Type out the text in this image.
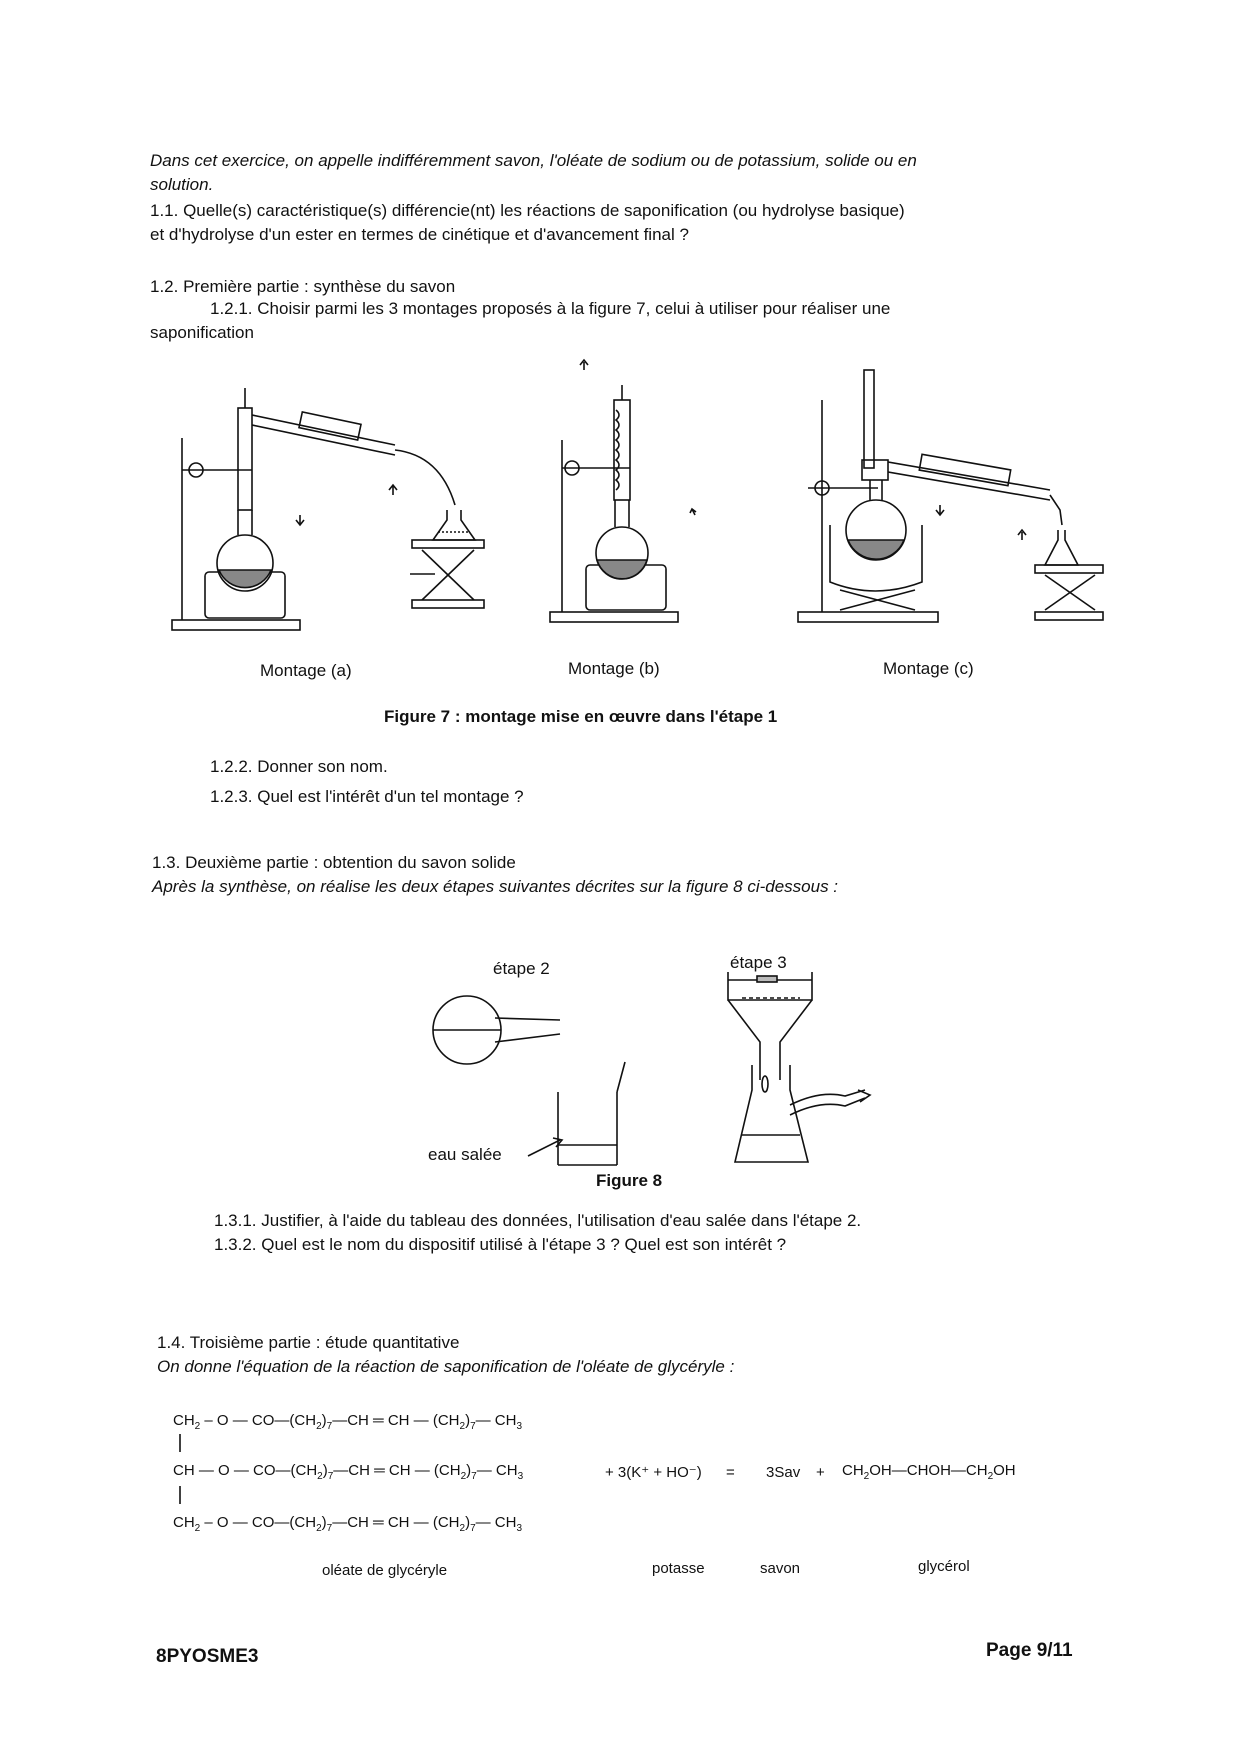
Dans cet exercice, on appelle indifféremment savon, l'oléate de sodium ou de potassium, solide ou en
solution.
1.1. Quelle(s) caractéristique(s) différencie(nt) les réactions de saponification (ou hydrolyse basique)
et d'hydrolyse d'un ester en termes de cinétique et d'avancement final ?
1.2. Première partie : synthèse du savon
1.2.1. Choisir parmi les 3 montages proposés à la figure 7, celui à utiliser pour réaliser une
saponification
Montage (a)	Montage (b)	Montage (c)
Figure 7 : montage mise en œuvre dans l'étape 1
1.2.2. Donner son nom.
1.2.3. Quel est l'intérêt d'un tel montage ?
1.3. Deuxième partie : obtention du savon solide
Après la synthèse, on réalise les deux étapes suivantes décrites sur la figure 8 ci-dessous :
étape 2	étape 3
eau salée
Figure 8
1.3.1. Justifier, à l'aide du tableau des données, l'utilisation d'eau salée dans l'étape 2.
1.3.2. Quel est le nom du dispositif utilisé à l'étape 3 ? Quel est son intérêt ?
1.4. Troisième partie : étude quantitative
On donne l'équation de la réaction de saponification de l'oléate de glycéryle :
$CH_2$ – O — $CO—(CH_2)_7—CH$ ═ CH — $(CH_2)_7—$ $CH_3$
CH — O — $CO—(CH_2)_7—CH$ ═ CH — $(CH_2)_7—$ $CH_3$
$CH_2$ – O — $CO—(CH_2)_7—CH$ ═ CH — $(CH_2)_7—$ $CH_3$
+ $3(K^+ + HO^-) = 3Sav + CH_2OH—CHOH—CH_2OH$
oléate de glycéryle	potasse	savon	glycérol
8PYOSME3	Page 9/11
